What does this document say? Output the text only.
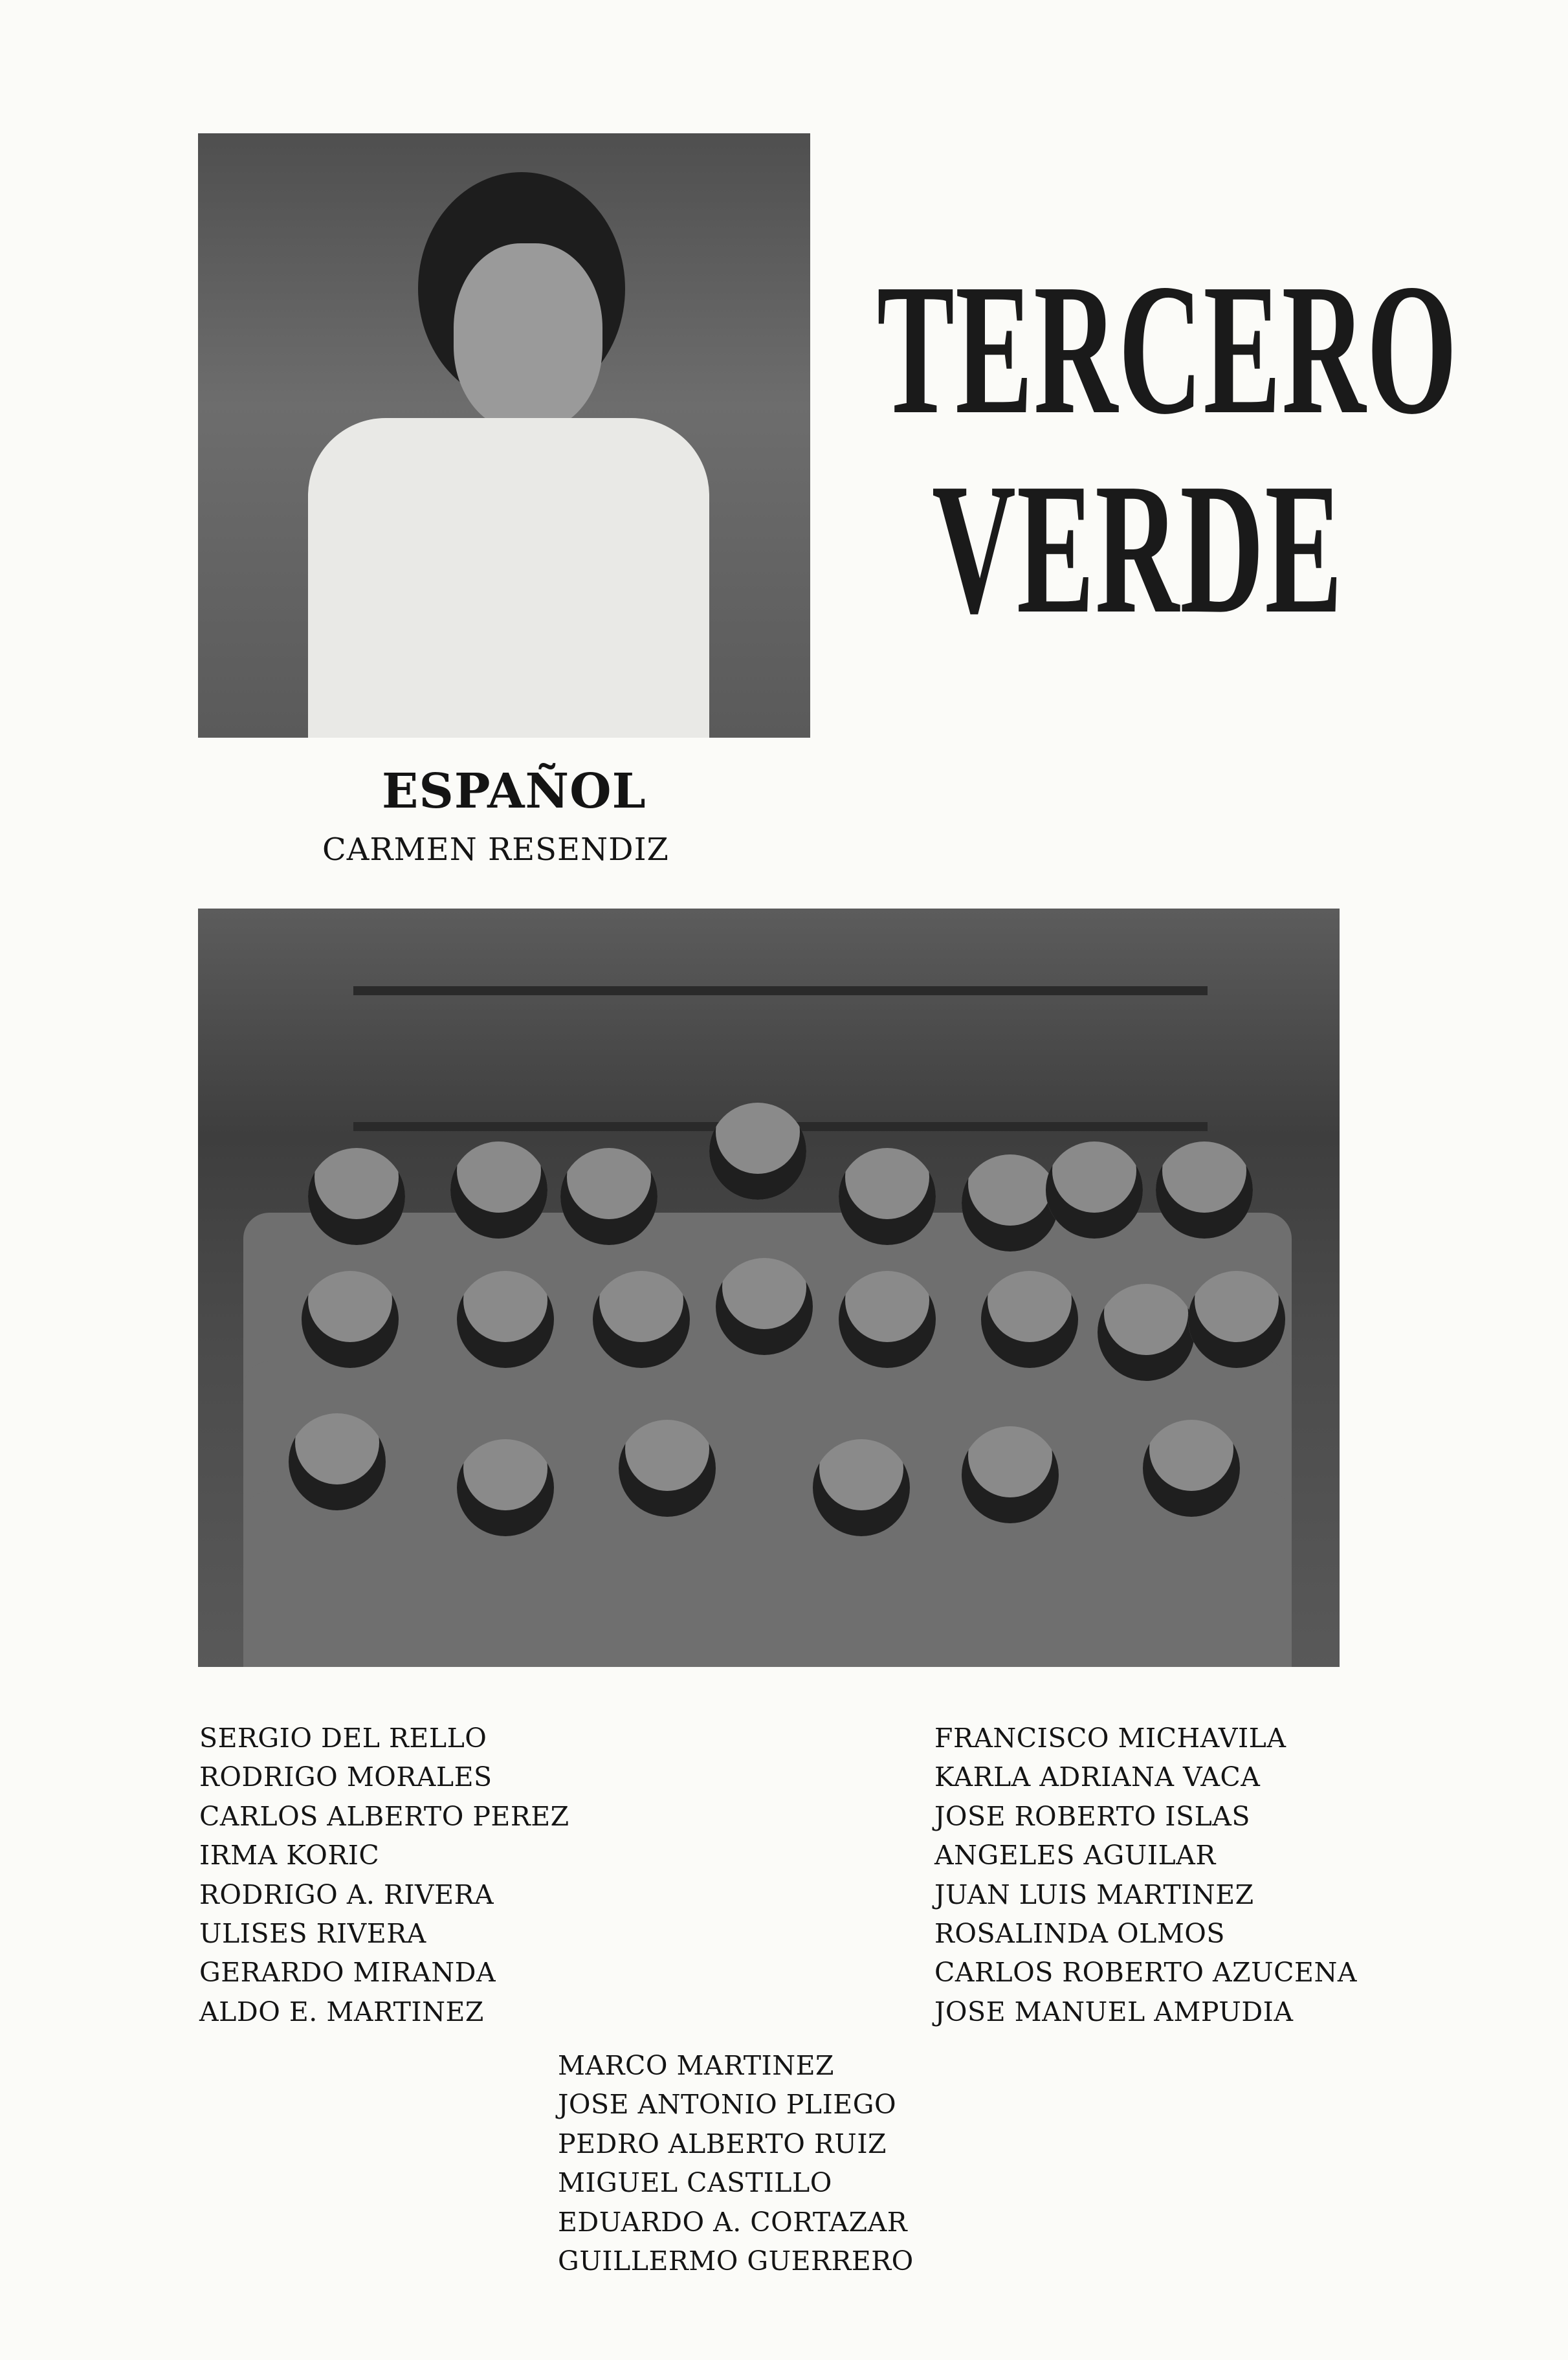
TERCERO
VERDE
ESPAÑOL
CARMEN RESENDIZ
SERGIO DEL RELLO
RODRIGO MORALES
CARLOS ALBERTO PEREZ
IRMA KORIC
RODRIGO A. RIVERA
ULISES RIVERA
GERARDO MIRANDA
ALDO E. MARTINEZ
FRANCISCO MICHAVILA
KARLA ADRIANA VACA
JOSE ROBERTO ISLAS
ANGELES AGUILAR
JUAN LUIS MARTINEZ
ROSALINDA OLMOS
CARLOS ROBERTO AZUCENA
JOSE MANUEL AMPUDIA
MARCO MARTINEZ
JOSE ANTONIO PLIEGO
PEDRO ALBERTO RUIZ
MIGUEL CASTILLO
EDUARDO A. CORTAZAR
GUILLERMO GUERRERO
